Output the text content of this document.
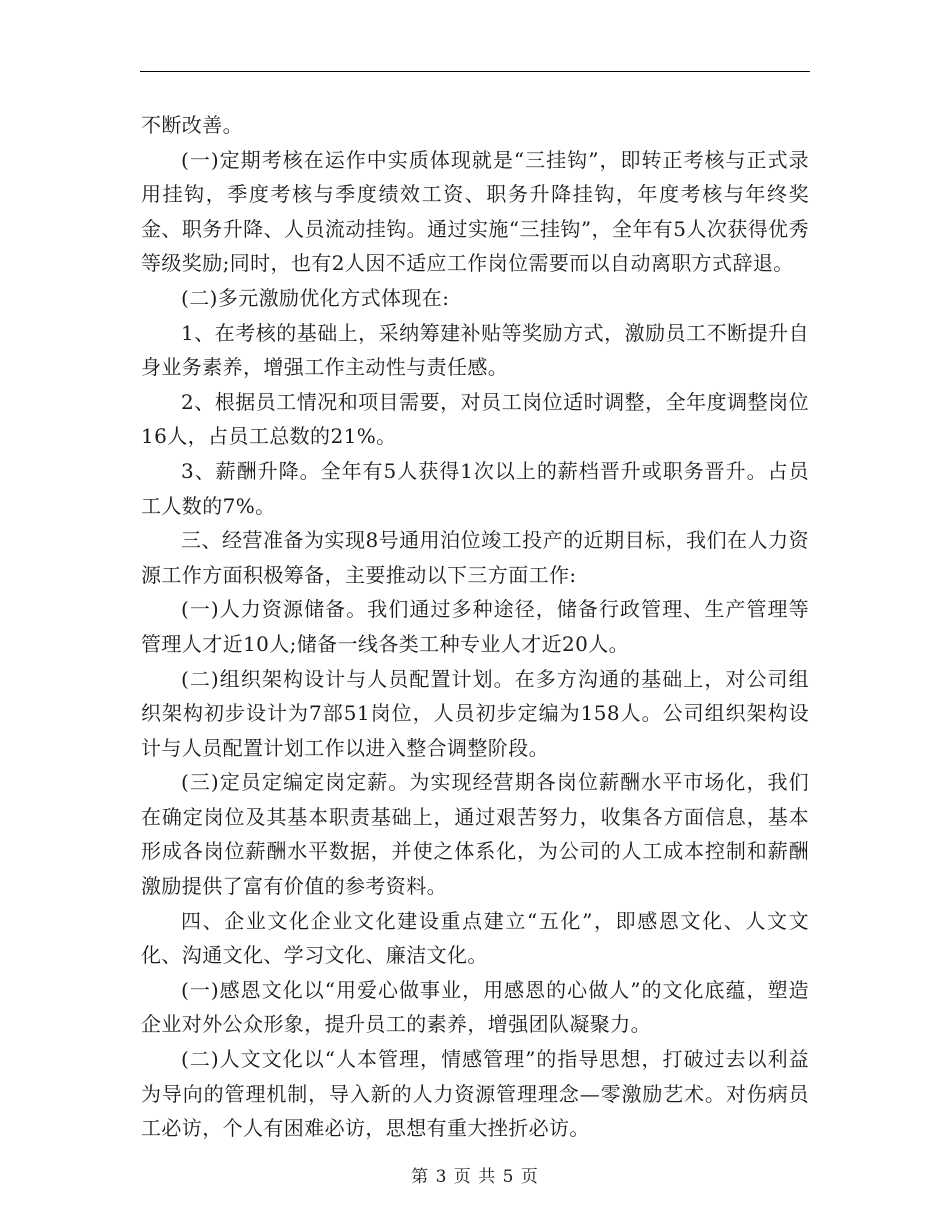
不断改善。

(一)定期考核在运作中实质体现就是“三挂钩”，即转正考核与正式录用挂钩，季度考核与季度绩效工资、职务升降挂钩，年度考核与年终奖金、职务升降、人员流动挂钩。通过实施“三挂钩”，全年有5人次获得优秀等级奖励;同时，也有2人因不适应工作岗位需要而以自动离职方式辞退。

(二)多元激励优化方式体现在:

1、在考核的基础上，采纳筹建补贴等奖励方式，激励员工不断提升自身业务素养，增强工作主动性与责任感。

2、根据员工情况和项目需要，对员工岗位适时调整，全年度调整岗位16人，占员工总数的21%。

3、薪酬升降。全年有5人获得1次以上的薪档晋升或职务晋升。占员工人数的7%。

三、经营准备为实现8号通用泊位竣工投产的近期目标，我们在人力资源工作方面积极筹备，主要推动以下三方面工作:

(一)人力资源储备。我们通过多种途径，储备行政管理、生产管理等管理人才近10人;储备一线各类工种专业人才近20人。

(二)组织架构设计与人员配置计划。在多方沟通的基础上，对公司组织架构初步设计为7部51岗位，人员初步定编为158人。公司组织架构设计与人员配置计划工作以进入整合调整阶段。

(三)定员定编定岗定薪。为实现经营期各岗位薪酬水平市场化，我们在确定岗位及其基本职责基础上，通过艰苦努力，收集各方面信息，基本形成各岗位薪酬水平数据，并使之体系化，为公司的人工成本控制和薪酬激励提供了富有价值的参考资料。

四、企业文化企业文化建设重点建立“五化”，即感恩文化、人文文化、沟通文化、学习文化、廉洁文化。

(一)感恩文化以“用爱心做事业，用感恩的心做人”的文化底蕴，塑造企业对外公众形象，提升员工的素养，增强团队凝聚力。

(二)人文文化以“人本管理，情感管理”的指导思想，打破过去以利益为导向的管理机制，导入新的人力资源管理理念—零激励艺术。对伤病员工必访，个人有困难必访，思想有重大挫折必访。

第 3 页 共 5 页
